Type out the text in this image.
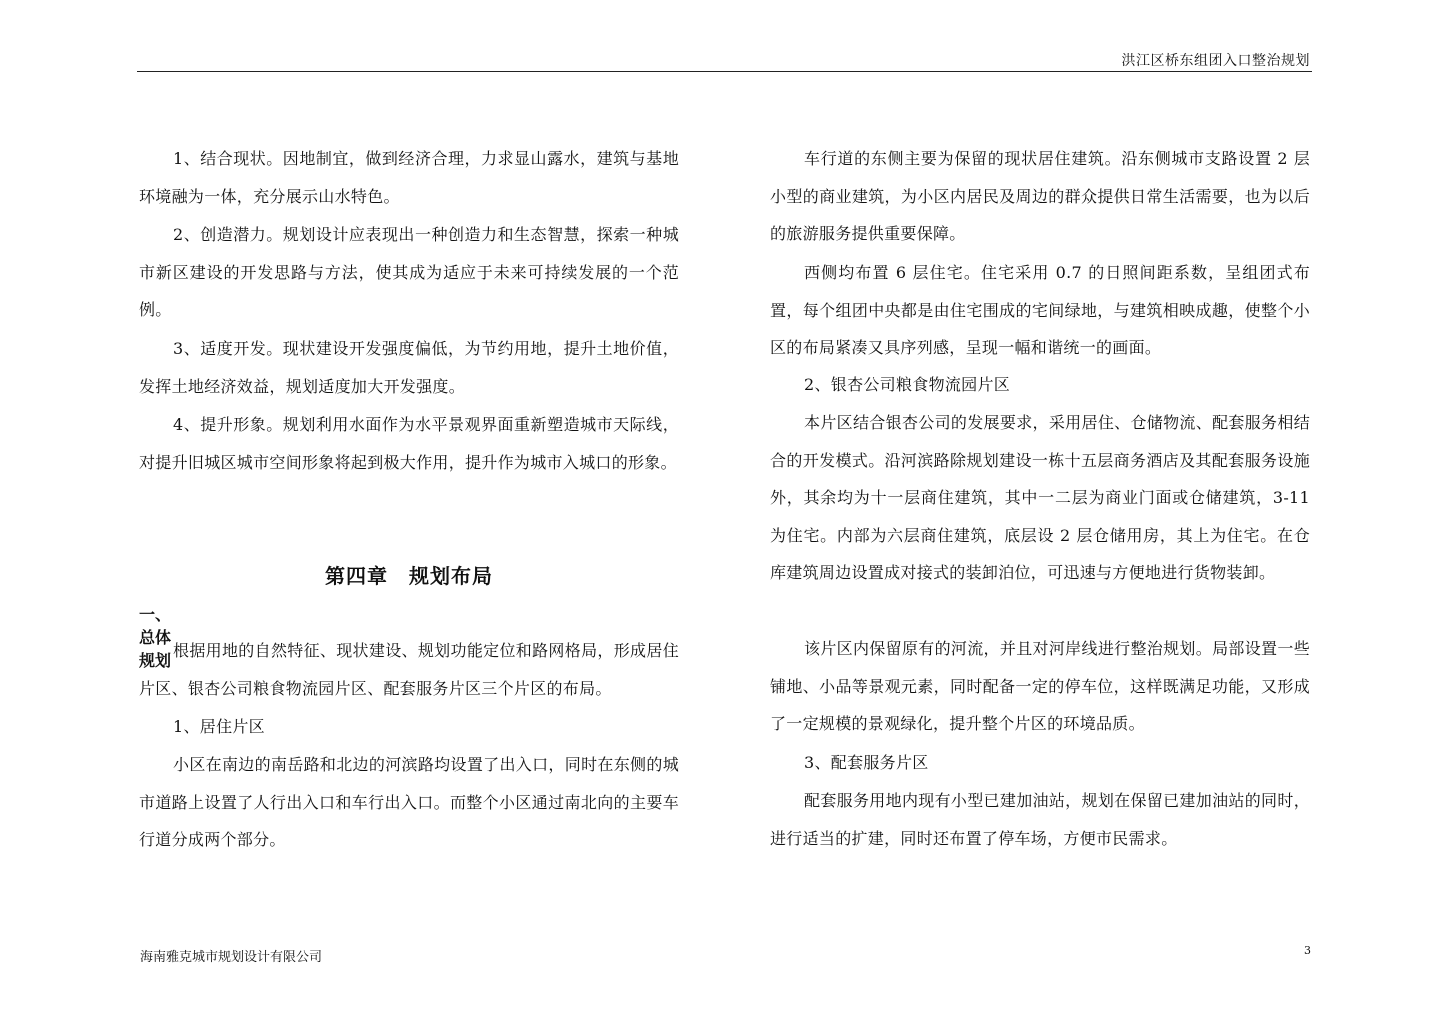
洪江区桥东组团入口整治规划

1、结合现状。因地制宜，做到经济合理，力求显山露水，建筑与基地环境融为一体，充分展示山水特色。

2、创造潜力。规划设计应表现出一种创造力和生态智慧，探索一种城市新区建设的开发思路与方法，使其成为适应于未来可持续发展的一个范例。

3、适度开发。现状建设开发强度偏低，为节约用地，提升土地价值，发挥土地经济效益，规划适度加大开发强度。

4、提升形象。规划利用水面作为水平景观界面重新塑造城市天际线，对提升旧城区城市空间形象将起到极大作用，提升作为城市入城口的形象。

第四章　规划布局
一、总体规划

根据用地的自然特征、现状建设、规划功能定位和路网格局，形成居住片区、银杏公司粮食物流园片区、配套服务片区三个片区的布局。

1、居住片区

小区在南边的南岳路和北边的河滨路均设置了出入口，同时在东侧的城市道路上设置了人行出入口和车行出入口。而整个小区通过南北向的主要车行道分成两个部分。

车行道的东侧主要为保留的现状居住建筑。沿东侧城市支路设置 2 层小型的商业建筑，为小区内居民及周边的群众提供日常生活需要，也为以后的旅游服务提供重要保障。

西侧均布置 6 层住宅。住宅采用 0.7 的日照间距系数，呈组团式布置，每个组团中央都是由住宅围成的宅间绿地，与建筑相映成趣，使整个小区的布局紧凑又具序列感，呈现一幅和谐统一的画面。

2、银杏公司粮食物流园片区

本片区结合银杏公司的发展要求，采用居住、仓储物流、配套服务相结合的开发模式。沿河滨路除规划建设一栋十五层商务酒店及其配套服务设施外，其余均为十一层商住建筑，其中一二层为商业门面或仓储建筑，3-11 为住宅。内部为六层商住建筑，底层设 2 层仓储用房，其上为住宅。在仓库建筑周边设置成对接式的装卸泊位，可迅速与方便地进行货物装卸。

该片区内保留原有的河流，并且对河岸线进行整治规划。局部设置一些铺地、小品等景观元素，同时配备一定的停车位，这样既满足功能，又形成了一定规模的景观绿化，提升整个片区的环境品质。

3、配套服务片区

配套服务用地内现有小型已建加油站，规划在保留已建加油站的同时，进行适当的扩建，同时还布置了停车场，方便市民需求。

海南雅克城市规划设计有限公司	3
